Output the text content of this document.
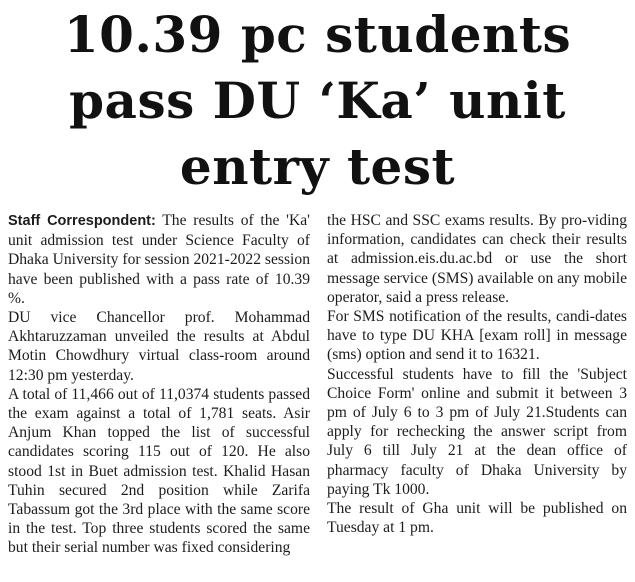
10.39 pc students
pass DU ‘Ka’ unit
entry test

Staff Correspondent: The results of the 'Ka' unit admission test under Science Faculty of Dhaka University for session 2021-2022 session have been published with a pass rate of 10.39 %.

DU vice Chancellor prof. Mohammad Akhtaruzzaman unveiled the results at Abdul Motin Chowdhury virtual class-room around 12:30 pm yesterday.

A total of 11,466 out of 11,0374 students passed the exam against a total of 1,781 seats. Asir Anjum Khan topped the list of successful candidates scoring 115 out of 120. He also stood 1st in Buet admission test. Khalid Hasan Tuhin secured 2nd position while Zarifa Tabassum got the 3rd place with the same score in the test. Top three students scored the same but their serial number was fixed considering

the HSC and SSC exams results. By pro-viding information, candidates can check their results at admission.eis.du.ac.bd or use the short message service (SMS) available on any mobile operator, said a press release.

For SMS notification of the results, candi-dates have to type DU KHA [exam roll] in message (sms) option and send it to 16321.

Successful students have to fill the 'Subject Choice Form' online and submit it between 3 pm of July 6 to 3 pm of July 21.Students can apply for rechecking the answer script from July 6 till July 21 at the dean office of pharmacy faculty of Dhaka University by paying Tk 1000.

The result of Gha unit will be published on Tuesday at 1 pm.
